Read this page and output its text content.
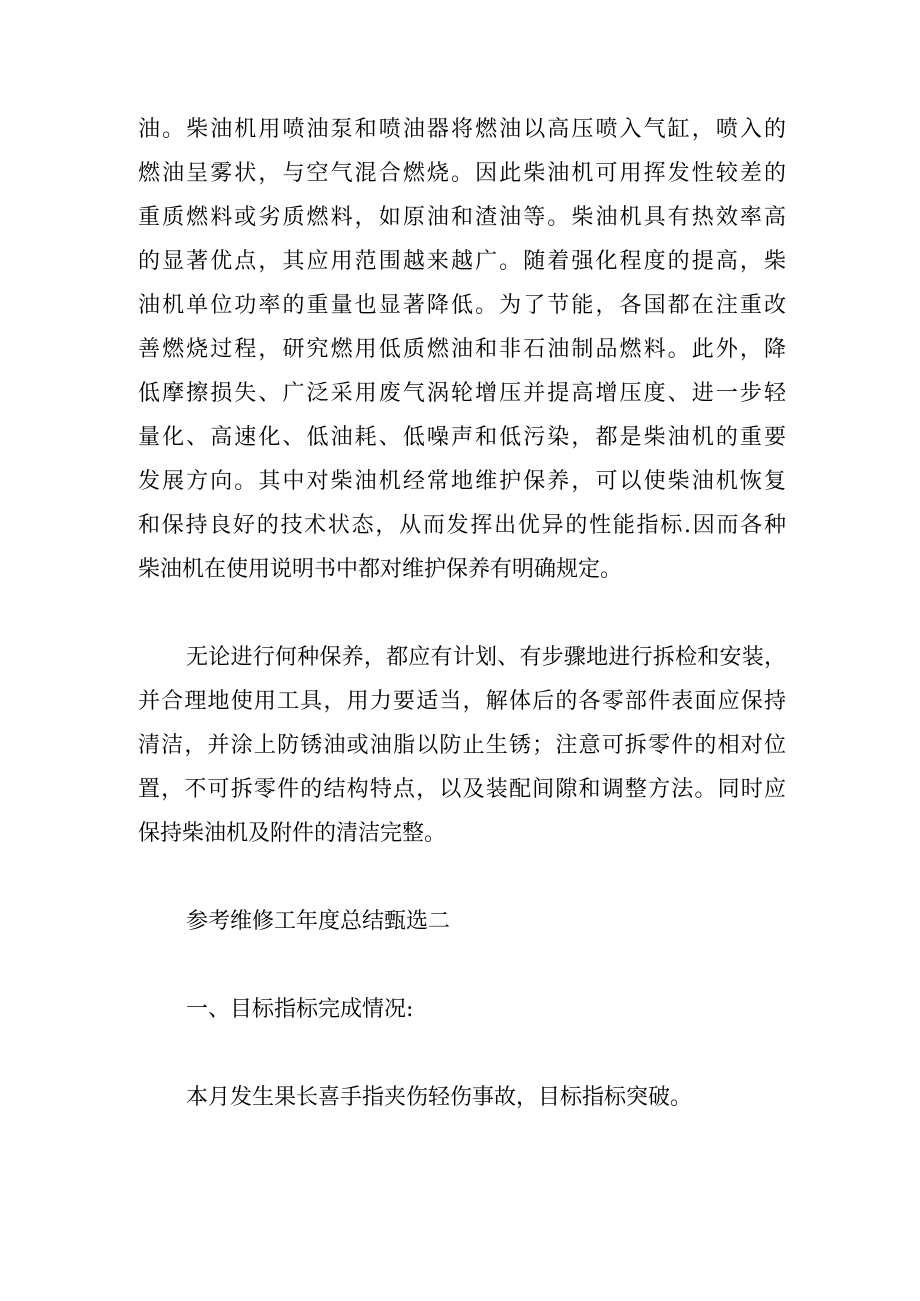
油。柴油机用喷油泵和喷油器将燃油以高压喷入气缸，喷入的
燃油呈雾状，与空气混合燃烧。因此柴油机可用挥发性较差的
重质燃料或劣质燃料，如原油和渣油等。柴油机具有热效率高
的显著优点，其应用范围越来越广。随着强化程度的提高，柴
油机单位功率的重量也显著降低。为了节能，各国都在注重改
善燃烧过程，研究燃用低质燃油和非石油制品燃料。此外，降
低摩擦损失、广泛采用废气涡轮增压并提高增压度、进一步轻
量化、高速化、低油耗、低噪声和低污染，都是柴油机的重要
发展方向。其中对柴油机经常地维护保养，可以使柴油机恢复
和保持良好的技术状态，从而发挥出优异的性能指标.因而各种
柴油机在使用说明书中都对维护保养有明确规定。
无论进行何种保养，都应有计划、有步骤地进行拆检和安装，
并合理地使用工具，用力要适当，解体后的各零部件表面应保持
清洁，并涂上防锈油或油脂以防止生锈；注意可拆零件的相对位
置，不可拆零件的结构特点，以及装配间隙和调整方法。同时应
保持柴油机及附件的清洁完整。
参考维修工年度总结甄选二
一、目标指标完成情况:
本月发生果长喜手指夹伤轻伤事故，目标指标突破。
